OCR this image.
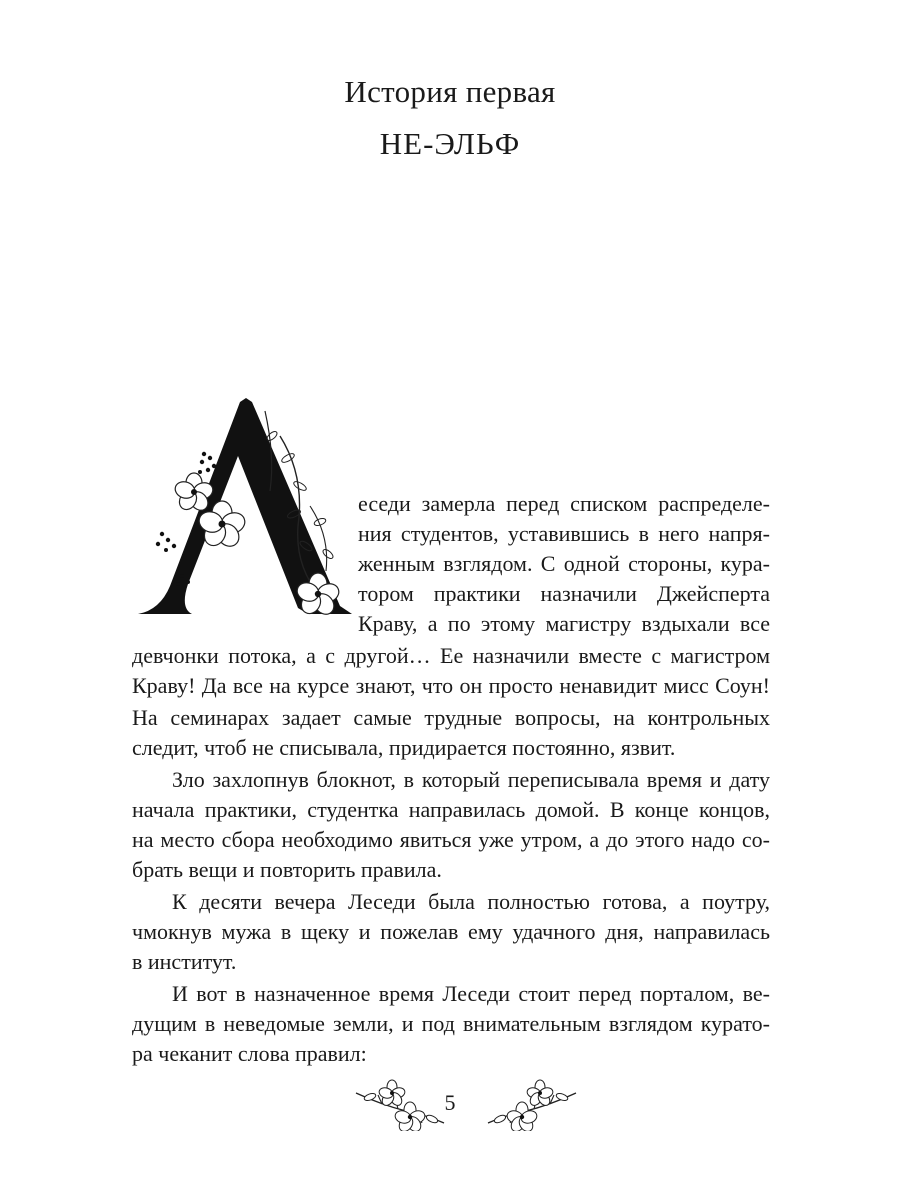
История первая
НЕ-ЭЛЬФ
еседи замерла перед списком распределе-
ния студентов, уставившись в него напря-
женным взглядом. С одной стороны, кура-
тором практики назначили Джейсперта
Краву, а по этому магистру вздыхали все
девчонки потока, а с другой… Ее назначили вместе с магистром
Краву! Да все на курсе знают, что он просто ненавидит мисс Соун!
На семинарах задает самые трудные вопросы, на контрольных
следит, чтоб не списывала, придирается постоянно, язвит.
Зло захлопнув блокнот, в который переписывала время и дату
начала практики, студентка направилась домой. В конце концов,
на место сбора необходимо явиться уже утром, а до этого надо со-
брать вещи и повторить правила.
К десяти вечера Леседи была полностью готова, а поутру,
чмокнув мужа в щеку и пожелав ему удачного дня, направилась
в институт.
И вот в назначенное время Леседи стоит перед порталом, ве-
дущим в неведомые земли, и под внимательным взглядом курато-
ра чеканит слова правил:
5
